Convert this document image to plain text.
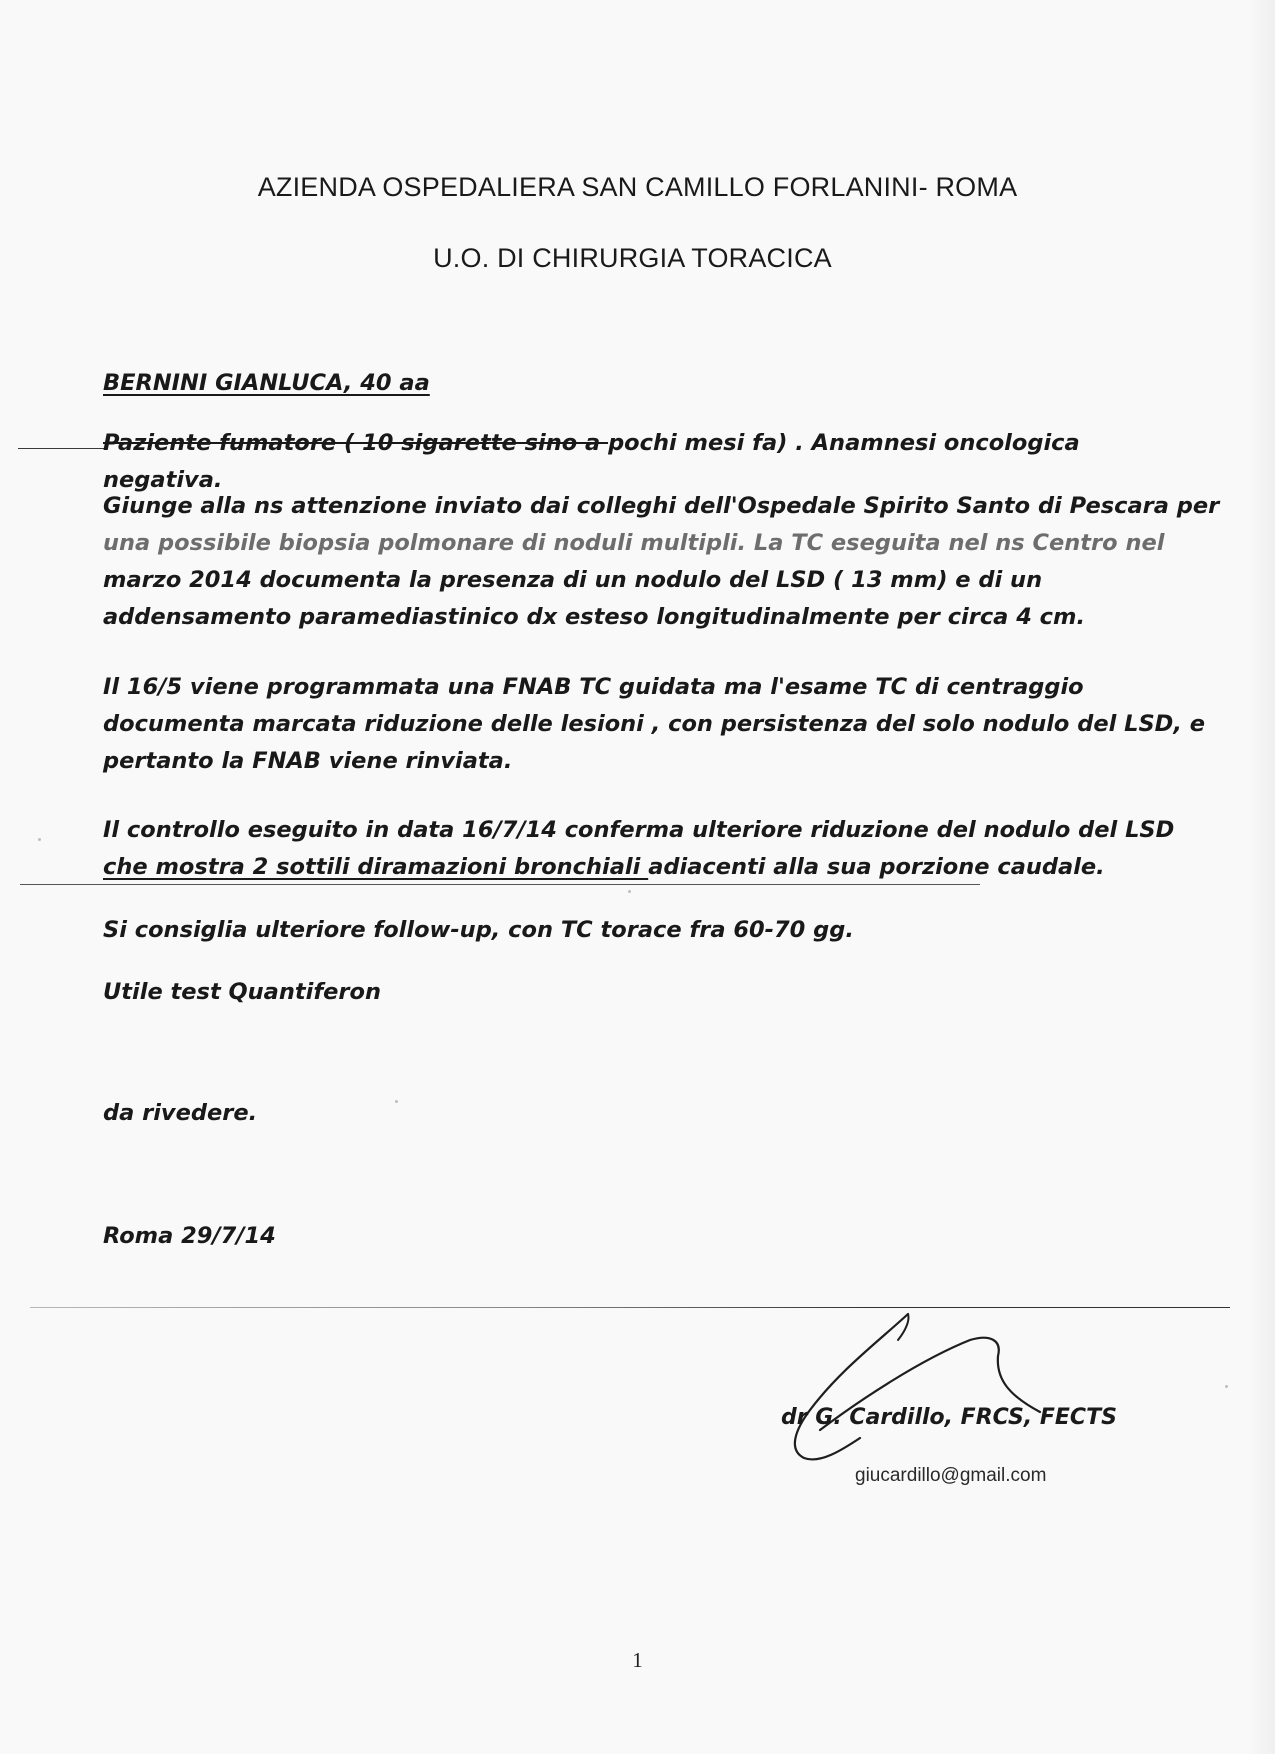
AZIENDA OSPEDALIERA SAN CAMILLO FORLANINI- ROMA
U.O. DI CHIRURGIA TORACICA
BERNINI GIANLUCA, 40 aa
Paziente fumatore ( 10 sigarette sino a pochi mesi fa) . Anamnesi oncologica negativa.
Giunge alla ns attenzione inviato dai colleghi dell'Ospedale Spirito Santo di Pescara per
una possibile biopsia polmonare di noduli multipli. La TC eseguita nel ns Centro nel
marzo 2014 documenta la presenza di un nodulo del LSD ( 13 mm) e di un
addensamento paramediastinico dx esteso longitudinalmente per circa 4 cm.
Il 16/5 viene programmata una FNAB TC guidata ma l'esame TC di centraggio
documenta marcata riduzione delle lesioni , con persistenza del solo nodulo del LSD, e
pertanto la FNAB viene rinviata.
Il controllo eseguito in data 16/7/14 conferma ulteriore riduzione del nodulo del LSD
che mostra 2 sottili diramazioni bronchiali adiacenti alla sua porzione caudale.
Si consiglia ulteriore follow-up, con TC torace fra 60-70 gg.
Utile test Quantiferon
da rivedere.
Roma 29/7/14
dr G. Cardillo, FRCS, FECTS
giucardillo@gmail.com
1
